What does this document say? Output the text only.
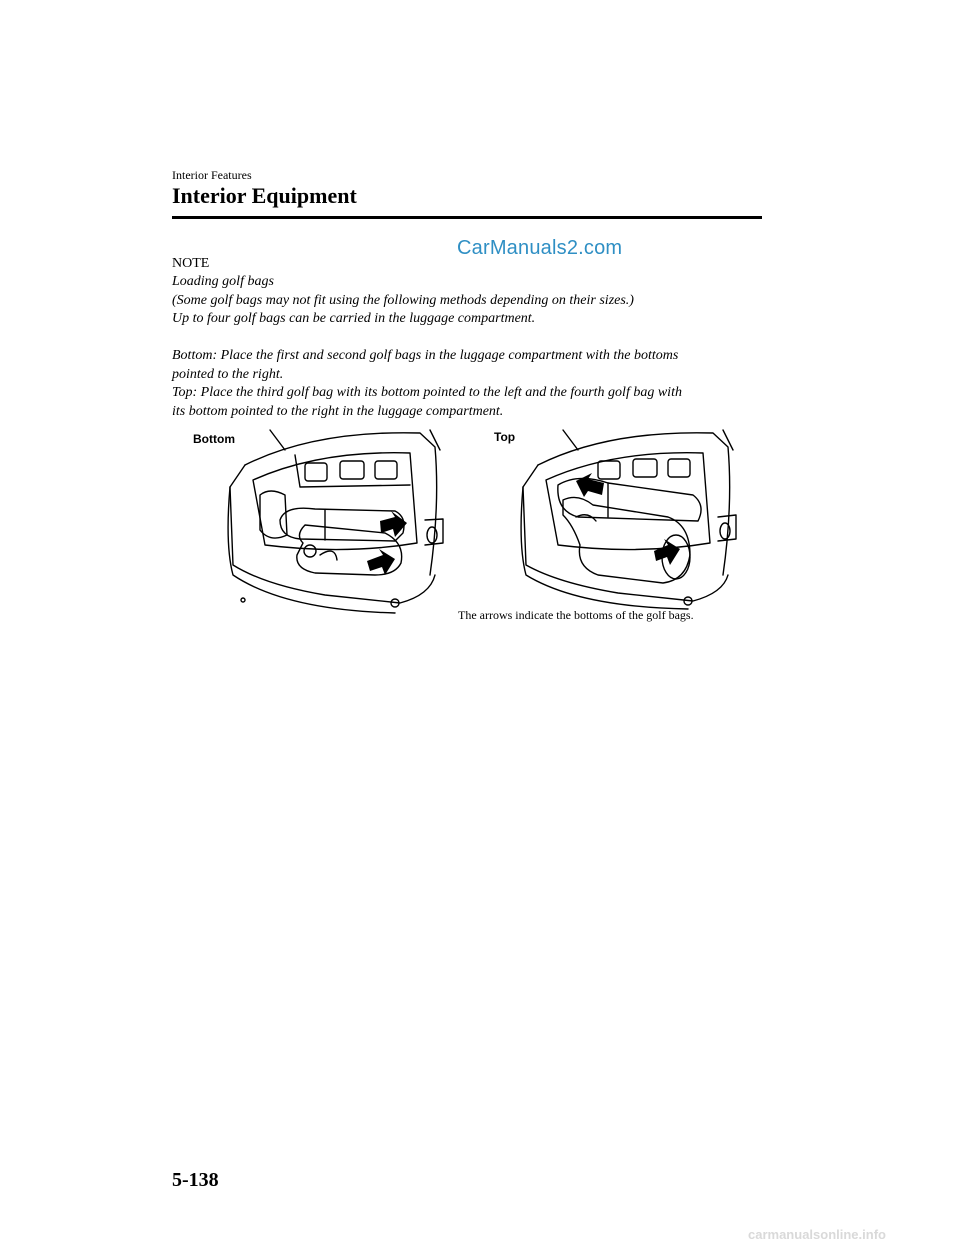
Interior Features
Interior Equipment
CarManuals2.com
NOTE
Loading golf bags
(Some golf bags may not fit using the following methods depending on their sizes.)
Up to four golf bags can be carried in the luggage compartment.
Bottom: Place the first and second golf bags in the luggage compartment with the bottoms
pointed to the right.
Top: Place the third golf bag with its bottom pointed to the left and the fourth golf bag with
its bottom pointed to the right in the luggage compartment.
Bottom	Top
The arrows indicate the bottoms of the golf bags.
5-138
carmanualsonline.info
